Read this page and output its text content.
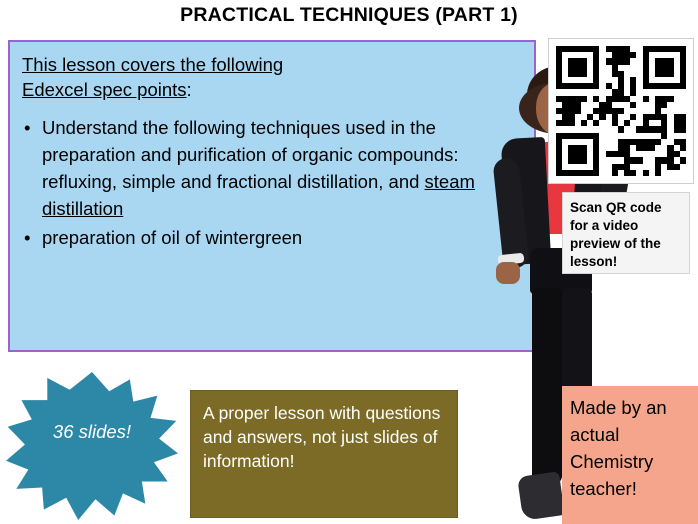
PRACTICAL TECHNIQUES (PART 1)
This lesson covers the following
Edexcel spec points:
• Understand the following techniques used in the preparation and purification of organic compounds: refluxing, simple and fractional distillation, and steam distillation
• preparation of oil of wintergreen
Scan QR code for a video preview of the lesson!
36 slides!
A proper lesson with questions and answers, not just slides of information!
Made by an actual Chemistry teacher!
